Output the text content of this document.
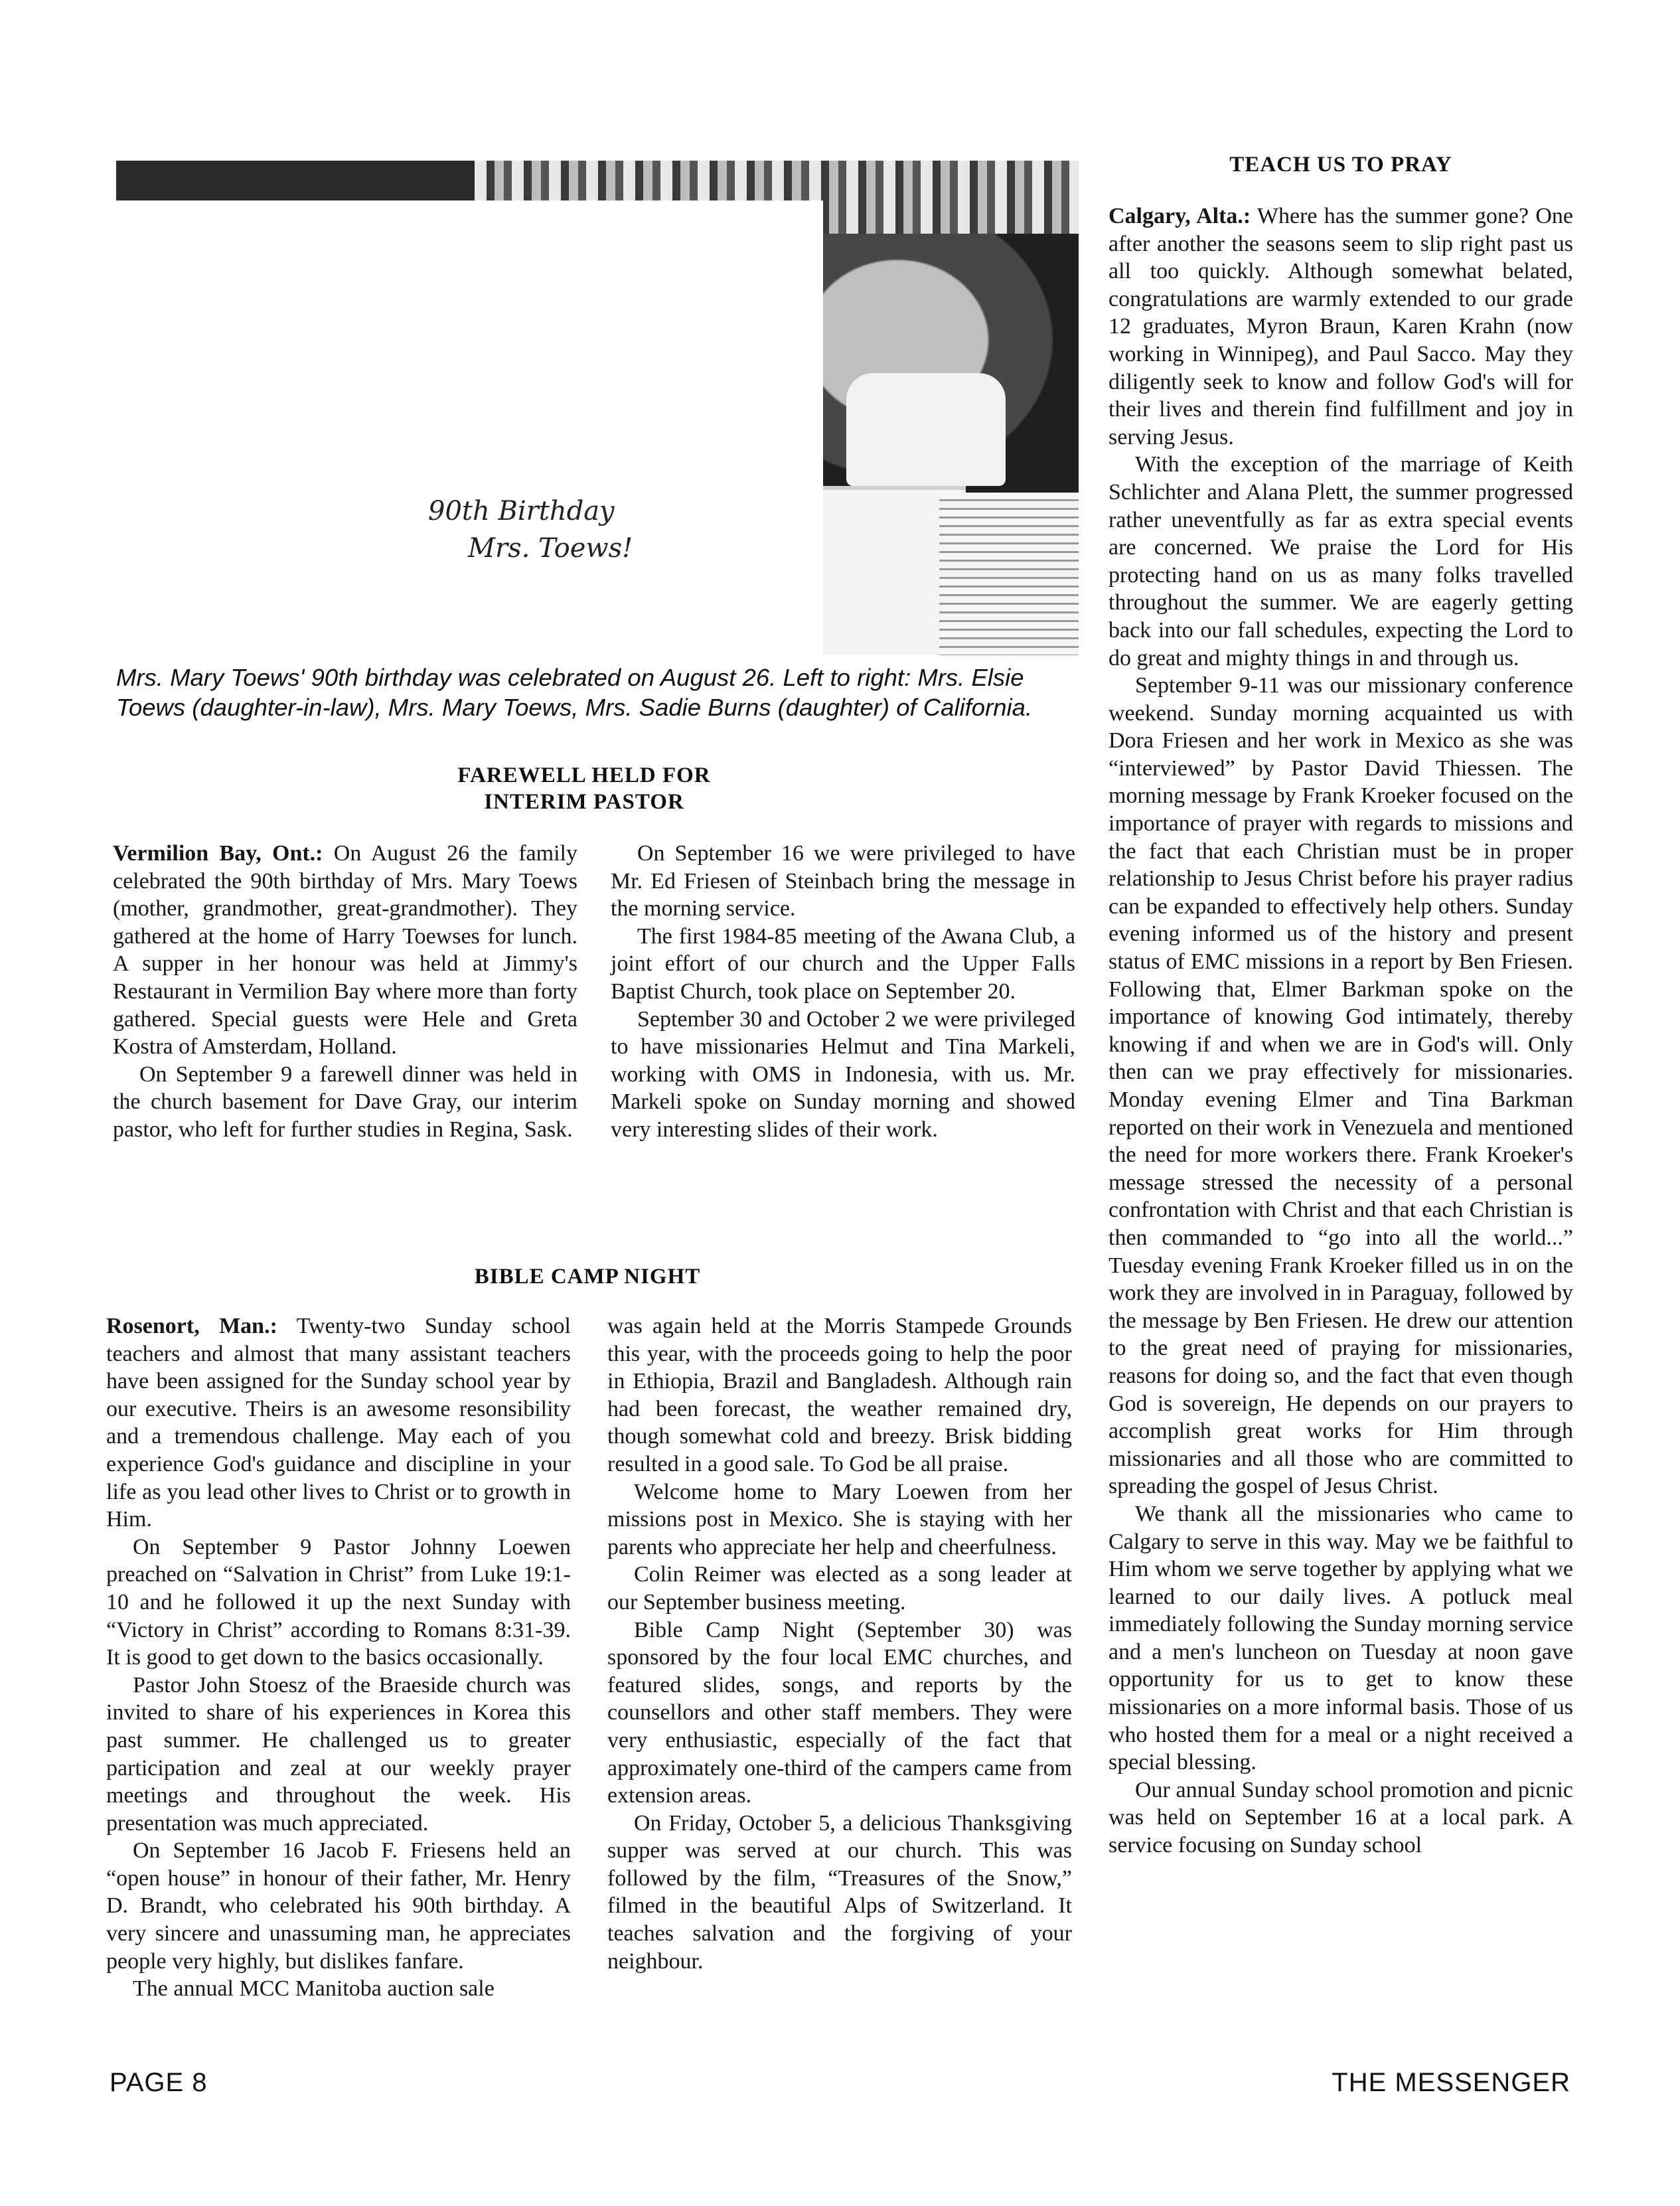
90th Birthday
Mrs. Toews!
Mrs. Mary Toews' 90th birthday was celebrated on August 26. Left to right: Mrs. Elsie Toews (daughter-in-law), Mrs. Mary Toews, Mrs. Sadie Burns (daughter) of California.
FAREWELL HELD FOR
INTERIM PASTOR

Vermilion Bay, Ont.: On August 26 the family celebrated the 90th birthday of Mrs. Mary Toews (mother, grandmother, great-grandmother). They gathered at the home of Harry Toewses for lunch. A supper in her honour was held at Jimmy's Restaurant in Vermilion Bay where more than forty gathered. Special guests were Hele and Greta Kostra of Amsterdam, Holland.

On September 9 a farewell dinner was held in the church basement for Dave Gray, our interim pastor, who left for further studies in Regina, Sask.

On September 16 we were privileged to have Mr. Ed Friesen of Steinbach bring the message in the morning service.

The first 1984-85 meeting of the Awana Club, a joint effort of our church and the Upper Falls Baptist Church, took place on September 20.

September 30 and October 2 we were privileged to have missionaries Helmut and Tina Markeli, working with OMS in Indonesia, with us. Mr. Markeli spoke on Sunday morning and showed very interesting slides of their work.

BIBLE CAMP NIGHT

Rosenort, Man.: Twenty-two Sunday school teachers and almost that many assistant teachers have been assigned for the Sunday school year by our executive. Theirs is an awesome resonsibility and a tremendous challenge. May each of you experience God's guidance and discipline in your life as you lead other lives to Christ or to growth in Him.

On September 9 Pastor Johnny Loewen preached on “Salvation in Christ” from Luke 19:1-10 and he followed it up the next Sunday with “Victory in Christ” according to Romans 8:31-39. It is good to get down to the basics occasionally.

Pastor John Stoesz of the Braeside church was invited to share of his experiences in Korea this past summer. He challenged us to greater participation and zeal at our weekly prayer meetings and throughout the week. His presentation was much appreciated.

On September 16 Jacob F. Friesens held an “open house” in honour of their father, Mr. Henry D. Brandt, who celebrated his 90th birthday. A very sincere and unassuming man, he appreciates people very highly, but dislikes fanfare.

The annual MCC Manitoba auction sale

was again held at the Morris Stampede Grounds this year, with the proceeds going to help the poor in Ethiopia, Brazil and Bangladesh. Although rain had been forecast, the weather remained dry, though somewhat cold and breezy. Brisk bidding resulted in a good sale. To God be all praise.

Welcome home to Mary Loewen from her missions post in Mexico. She is staying with her parents who appreciate her help and cheerfulness.

Colin Reimer was elected as a song leader at our September business meeting.

Bible Camp Night (September 30) was sponsored by the four local EMC churches, and featured slides, songs, and reports by the counsellors and other staff members. They were very enthusiastic, especially of the fact that approximately one-third of the campers came from extension areas.

On Friday, October 5, a delicious Thanksgiving supper was served at our church. This was followed by the film, “Treasures of the Snow,” filmed in the beautiful Alps of Switzerland. It teaches salvation and the forgiving of your neighbour.

TEACH US TO PRAY

Calgary, Alta.: Where has the summer gone? One after another the seasons seem to slip right past us all too quickly. Although somewhat belated, congratulations are warmly extended to our grade 12 graduates, Myron Braun, Karen Krahn (now working in Winnipeg), and Paul Sacco. May they diligently seek to know and follow God's will for their lives and therein find fulfillment and joy in serving Jesus.

With the exception of the marriage of Keith Schlichter and Alana Plett, the summer progressed rather uneventfully as far as extra special events are concerned. We praise the Lord for His protecting hand on us as many folks travelled throughout the summer. We are eagerly getting back into our fall schedules, expecting the Lord to do great and mighty things in and through us.

September 9-11 was our missionary conference weekend. Sunday morning acquainted us with Dora Friesen and her work in Mexico as she was “interviewed” by Pastor David Thiessen. The morning message by Frank Kroeker focused on the importance of prayer with regards to missions and the fact that each Christian must be in proper relationship to Jesus Christ before his prayer radius can be expanded to effectively help others. Sunday evening informed us of the history and present status of EMC missions in a report by Ben Friesen. Following that, Elmer Barkman spoke on the importance of knowing God intimately, thereby knowing if and when we are in God's will. Only then can we pray effectively for missionaries. Monday evening Elmer and Tina Barkman reported on their work in Venezuela and mentioned the need for more workers there. Frank Kroeker's message stressed the necessity of a personal confrontation with Christ and that each Christian is then commanded to “go into all the world...” Tuesday evening Frank Kroeker filled us in on the work they are involved in in Paraguay, followed by the message by Ben Friesen. He drew our attention to the great need of praying for missionaries, reasons for doing so, and the fact that even though God is sovereign, He depends on our prayers to accomplish great works for Him through missionaries and all those who are committed to spreading the gospel of Jesus Christ.

We thank all the missionaries who came to Calgary to serve in this way. May we be faithful to Him whom we serve together by applying what we learned to our daily lives. A potluck meal immediately following the Sunday morning service and a men's luncheon on Tuesday at noon gave opportunity for us to get to know these missionaries on a more informal basis. Those of us who hosted them for a meal or a night received a special blessing.

Our annual Sunday school promotion and picnic was held on September 16 at a local park. A service focusing on Sunday school

PAGE 8	THE MESSENGER
